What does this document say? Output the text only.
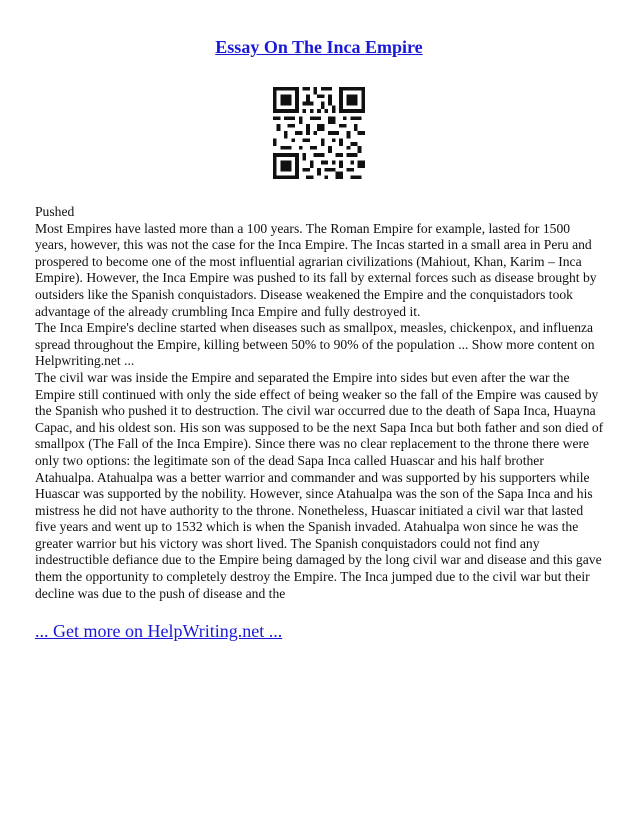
Essay On The Inca Empire

Pushed

Most Empires have lasted more than a 100 years. The Roman Empire for example, lasted for 1500 years, however, this was not the case for the Inca Empire. The Incas started in a small area in Peru and prospered to become one of the most influential agrarian civilizations (Mahiout, Khan, Karim – Inca Empire). However, the Inca Empire was pushed to its fall by external forces such as disease brought by outsiders like the Spanish conquistadors. Disease weakened the Empire and the conquistadors took advantage of the already crumbling Inca Empire and fully destroyed it.

The Inca Empire's decline started when diseases such as smallpox, measles, chickenpox, and influenza spread throughout the Empire, killing between 50% to 90% of the population ... Show more content on Helpwriting.net ...

The civil war was inside the Empire and separated the Empire into sides but even after the war the Empire still continued with only the side effect of being weaker so the fall of the Empire was caused by the Spanish who pushed it to destruction. The civil war occurred due to the death of Sapa Inca, Huayna Capac, and his oldest son. His son was supposed to be the next Sapa Inca but both father and son died of smallpox (The Fall of the Inca Empire). Since there was no clear replacement to the throne there were only two options: the legitimate son of the dead Sapa Inca called Huascar and his half brother Atahualpa. Atahualpa was a better warrior and commander and was supported by his supporters while Huascar was supported by the nobility. However, since Atahualpa was the son of the Sapa Inca and his mistress he did not have authority to the throne. Nonetheless, Huascar initiated a civil war that lasted five years and went up to 1532 which is when the Spanish invaded. Atahualpa won since he was the greater warrior but his victory was short lived. The Spanish conquistadors could not find any indestructible defiance due to the Empire being damaged by the long civil war and disease and this gave them the opportunity to completely destroy the Empire. The Inca jumped due to the civil war but their decline was due to the push of disease and the

... Get more on HelpWriting.net ...
